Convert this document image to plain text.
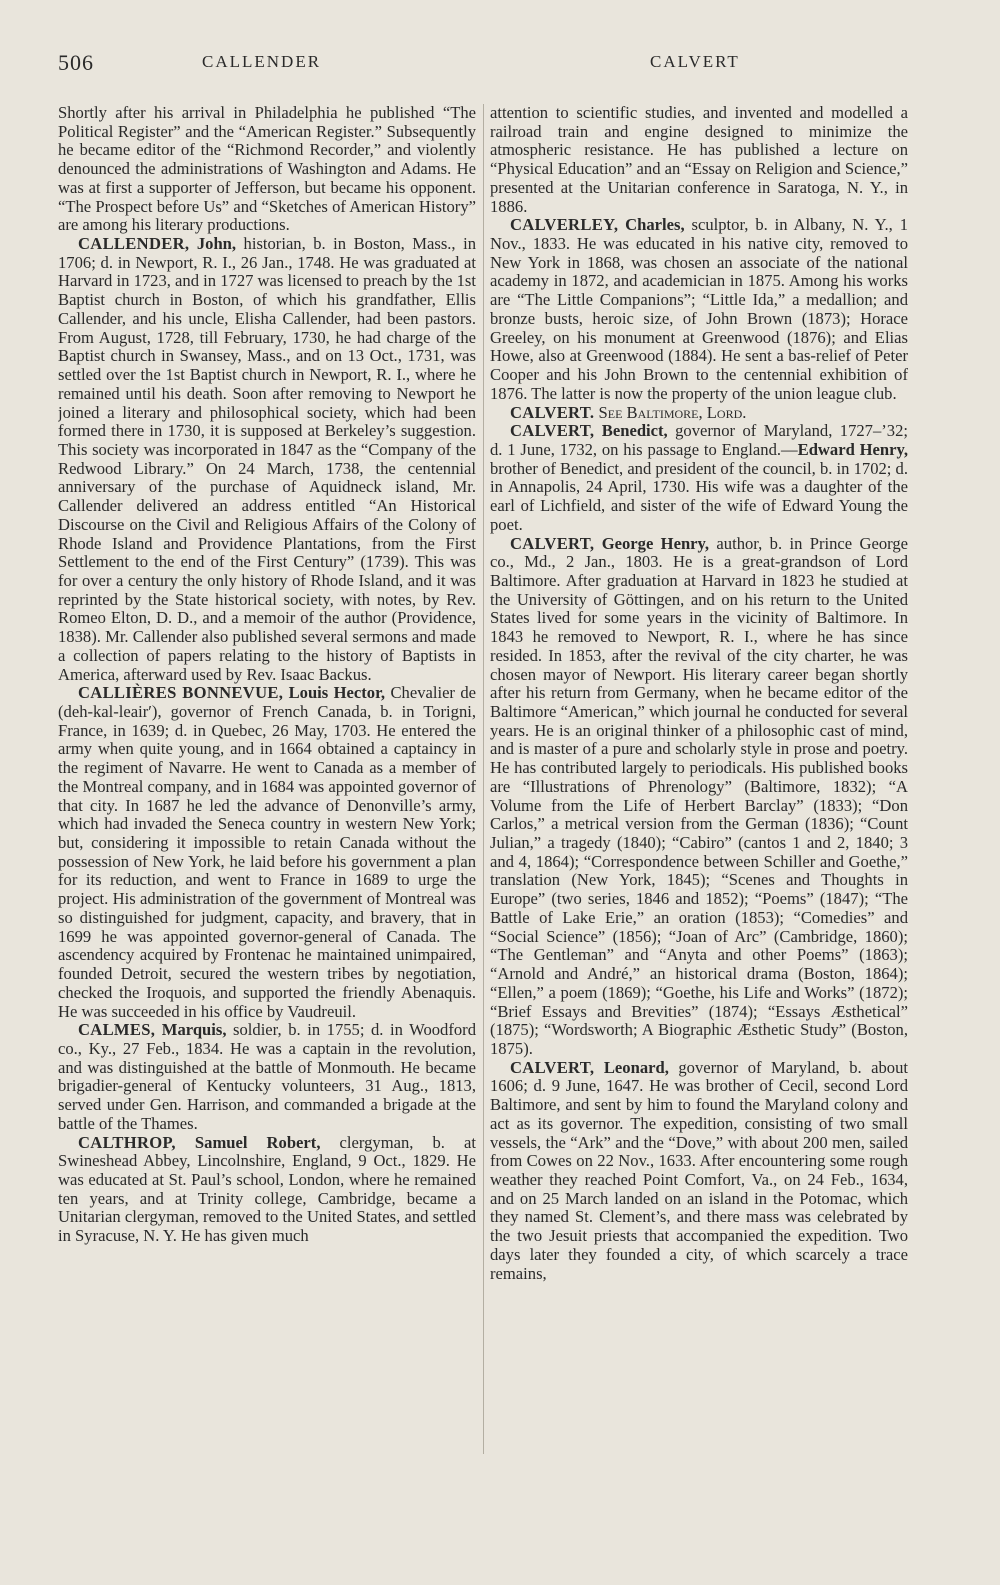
506	CALLENDER	CALVERT

Shortly after his arrival in Philadelphia he published “The Political Register” and the “American Register.” Subsequently he became editor of the “Richmond Recorder,” and violently denounced the administrations of Washington and Adams. He was at first a supporter of Jefferson, but became his opponent. “The Prospect before Us” and “Sketches of American History” are among his literary productions.

CALLENDER, John, historian, b. in Boston, Mass., in 1706; d. in Newport, R. I., 26 Jan., 1748. He was graduated at Harvard in 1723, and in 1727 was licensed to preach by the 1st Baptist church in Boston, of which his grandfather, Ellis Callender, and his uncle, Elisha Callender, had been pastors. From August, 1728, till February, 1730, he had charge of the Baptist church in Swansey, Mass., and on 13 Oct., 1731, was settled over the 1st Baptist church in Newport, R. I., where he remained until his death. Soon after removing to Newport he joined a literary and philosophical society, which had been formed there in 1730, it is supposed at Berkeley’s suggestion. This society was incorporated in 1847 as the “Company of the Redwood Library.” On 24 March, 1738, the centennial anniversary of the purchase of Aquidneck island, Mr. Callender delivered an address entitled “An Historical Discourse on the Civil and Religious Affairs of the Colony of Rhode Island and Providence Plantations, from the First Settlement to the end of the First Century” (1739). This was for over a century the only history of Rhode Island, and it was reprinted by the State historical society, with notes, by Rev. Romeo Elton, D. D., and a memoir of the author (Providence, 1838). Mr. Callender also published several sermons and made a collection of papers relating to the history of Baptists in America, afterward used by Rev. Isaac Backus.

CALLIÈRES BONNEVUE, Louis Hector, Chevalier de (deh-kal-leair′), governor of French Canada, b. in Torigni, France, in 1639; d. in Quebec, 26 May, 1703. He entered the army when quite young, and in 1664 obtained a captaincy in the regiment of Navarre. He went to Canada as a member of the Montreal company, and in 1684 was appointed governor of that city. In 1687 he led the advance of Denonville’s army, which had invaded the Seneca country in western New York; but, considering it impossible to retain Canada without the possession of New York, he laid before his government a plan for its reduction, and went to France in 1689 to urge the project. His administration of the government of Montreal was so distinguished for judgment, capacity, and bravery, that in 1699 he was appointed governor-general of Canada. The ascendency acquired by Frontenac he maintained unimpaired, founded Detroit, secured the western tribes by negotiation, checked the Iroquois, and supported the friendly Abenaquis. He was succeeded in his office by Vaudreuil.

CALMES, Marquis, soldier, b. in 1755; d. in Woodford co., Ky., 27 Feb., 1834. He was a captain in the revolution, and was distinguished at the battle of Monmouth. He became brigadier-general of Kentucky volunteers, 31 Aug., 1813, served under Gen. Harrison, and commanded a brigade at the battle of the Thames.

CALTHROP, Samuel Robert, clergyman, b. at Swineshead Abbey, Lincolnshire, England, 9 Oct., 1829. He was educated at St. Paul’s school, London, where he remained ten years, and at Trinity college, Cambridge, became a Unitarian clergyman, removed to the United States, and settled in Syracuse, N. Y. He has given much

attention to scientific studies, and invented and modelled a railroad train and engine designed to minimize the atmospheric resistance. He has published a lecture on “Physical Education” and an “Essay on Religion and Science,” presented at the Unitarian conference in Saratoga, N. Y., in 1886.

CALVERLEY, Charles, sculptor, b. in Albany, N. Y., 1 Nov., 1833. He was educated in his native city, removed to New York in 1868, was chosen an associate of the national academy in 1872, and academician in 1875. Among his works are “The Little Companions”; “Little Ida,” a medallion; and bronze busts, heroic size, of John Brown (1873); Horace Greeley, on his monument at Greenwood (1876); and Elias Howe, also at Greenwood (1884). He sent a bas-relief of Peter Cooper and his John Brown to the centennial exhibition of 1876. The latter is now the property of the union league club.

CALVERT. See Baltimore, Lord.

CALVERT, Benedict, governor of Maryland, 1727–’32; d. 1 June, 1732, on his passage to England.—Edward Henry, brother of Benedict, and president of the council, b. in 1702; d. in Annapolis, 24 April, 1730. His wife was a daughter of the earl of Lichfield, and sister of the wife of Edward Young the poet.

CALVERT, George Henry, author, b. in Prince George co., Md., 2 Jan., 1803. He is a great-grandson of Lord Baltimore. After graduation at Harvard in 1823 he studied at the University of Göttingen, and on his return to the United States lived for some years in the vicinity of Baltimore. In 1843 he removed to Newport, R. I., where he has since resided. In 1853, after the revival of the city charter, he was chosen mayor of Newport. His literary career began shortly after his return from Germany, when he became editor of the Baltimore “American,” which journal he conducted for several years. He is an original thinker of a philosophic cast of mind, and is master of a pure and scholarly style in prose and poetry. He has contributed largely to periodicals. His published books are “Illustrations of Phrenology” (Baltimore, 1832); “A Volume from the Life of Herbert Barclay” (1833); “Don Carlos,” a metrical version from the German (1836); “Count Julian,” a tragedy (1840); “Cabiro” (cantos 1 and 2, 1840; 3 and 4, 1864); “Correspondence between Schiller and Goethe,” translation (New York, 1845); “Scenes and Thoughts in Europe” (two series, 1846 and 1852); “Poems” (1847); “The Battle of Lake Erie,” an oration (1853); “Comedies” and “Social Science” (1856); “Joan of Arc” (Cambridge, 1860); “The Gentleman” and “Anyta and other Poems” (1863); “Arnold and André,” an historical drama (Boston, 1864); “Ellen,” a poem (1869); “Goethe, his Life and Works” (1872); “Brief Essays and Brevities” (1874); “Essays Æsthetical” (1875); “Wordsworth; A Biographic Æsthetic Study” (Boston, 1875).

CALVERT, Leonard, governor of Maryland, b. about 1606; d. 9 June, 1647. He was brother of Cecil, second Lord Baltimore, and sent by him to found the Maryland colony and act as its governor. The expedition, consisting of two small vessels, the “Ark” and the “Dove,” with about 200 men, sailed from Cowes on 22 Nov., 1633. After encountering some rough weather they reached Point Comfort, Va., on 24 Feb., 1634, and on 25 March landed on an island in the Potomac, which they named St. Clement’s, and there mass was celebrated by the two Jesuit priests that accompanied the expedition. Two days later they founded a city, of which scarcely a trace remains,
